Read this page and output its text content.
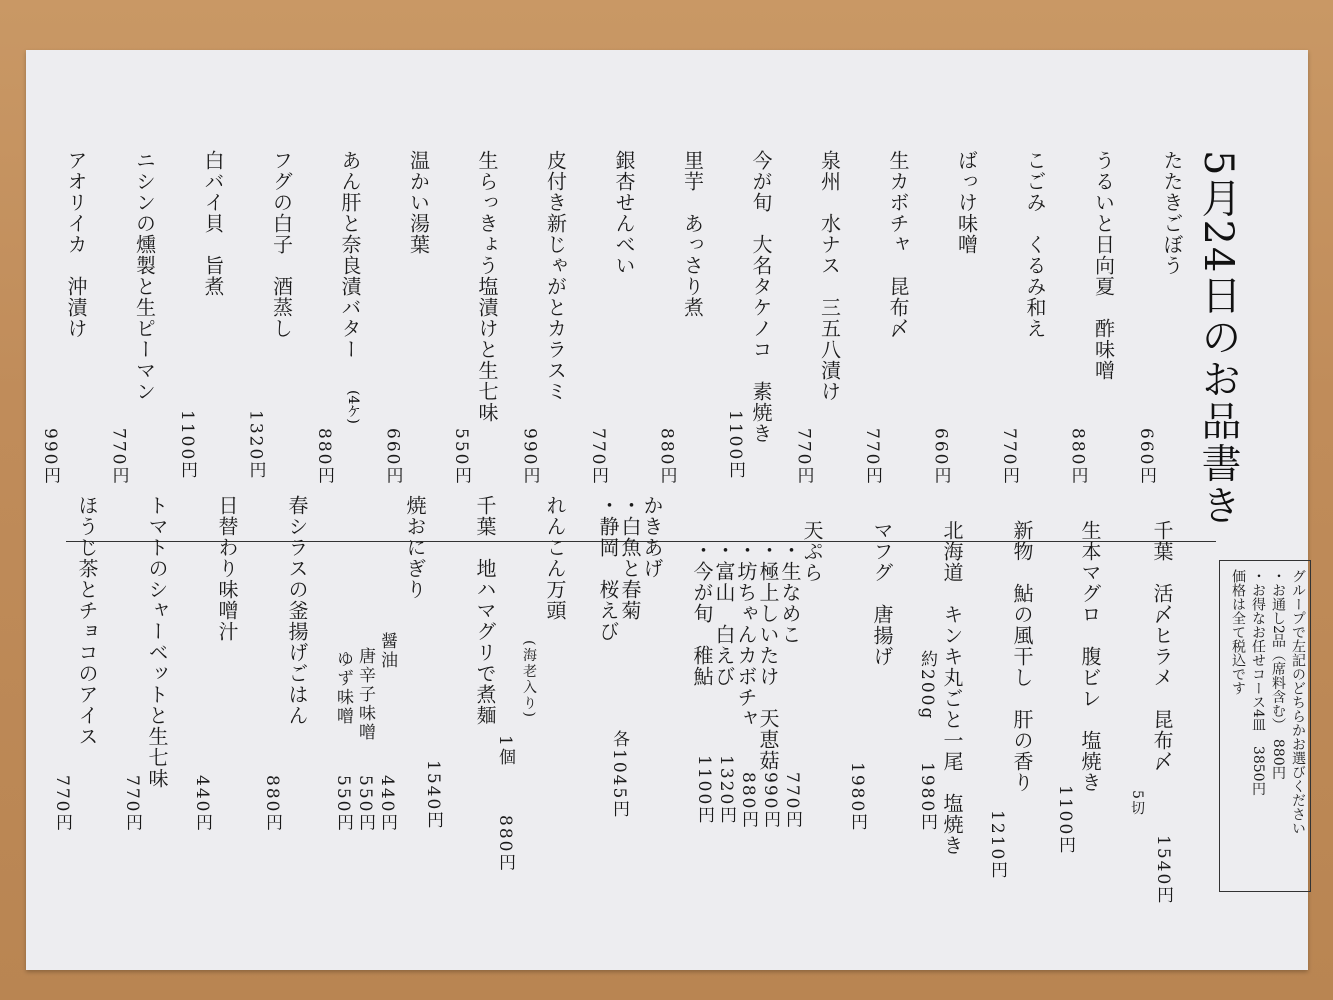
5月24日のお品書き
たたきごぼう
うるいと日向夏　酢味噌
こごみ　くるみ和え
ばっけ味噌
生カボチャ　昆布〆
泉州　水ナス　三五八漬け
今が旬　大名タケノコ　素焼き
里芋　あっさり煮
銀杏せんべい
皮付き新じゃがとカラスミ
生らっきょう塩漬けと生七味
温かい湯葉
あん肝と奈良漬バター
(4ケ)
フグの白子　酒蒸し
白バイ貝　旨煮
ニシンの燻製と生ピーマン
アオリイカ　沖漬け
660円
880円
770円
660円
770円
770円
1100円
880円
770円
990円
550円
660円
880円
1320円
1100円
770円
990円
千葉　活〆ヒラメ　昆布〆
5切
1540円
生本マグロ　腹ビレ　塩焼き
1100円
新物　鮎の風干し　肝の香り
1210円
北海道　キンキ丸ごと一尾　塩焼き
約200g
1980円
マフグ　唐揚げ
1980円
天ぷら
・生なめこ
・極上しいたけ　天恵菇
・坊ちゃんカボチャ
・富山　白えび
・今が旬　稚鮎
770円
990円
880円
1320円
1100円
かきあげ
・白魚と春菊
・静岡　桜えび
各1045円
れんこん万頭
(海老入り)
1個
880円
千葉　地ハマグリで煮麺
1540円
焼おにぎり
醤油
唐辛子味噌
ゆず味噌
440円
550円
550円
春シラスの釜揚げごはん
880円
日替わり味噌汁
440円
トマトのシャーベットと生七味
770円
ほうじ茶とチョコのアイス
770円	グループで左記のどちらかお選びください
・お通し2品（席料含む）　880円
・お得なお任せコース4皿　3850円
価格は全て税込です
